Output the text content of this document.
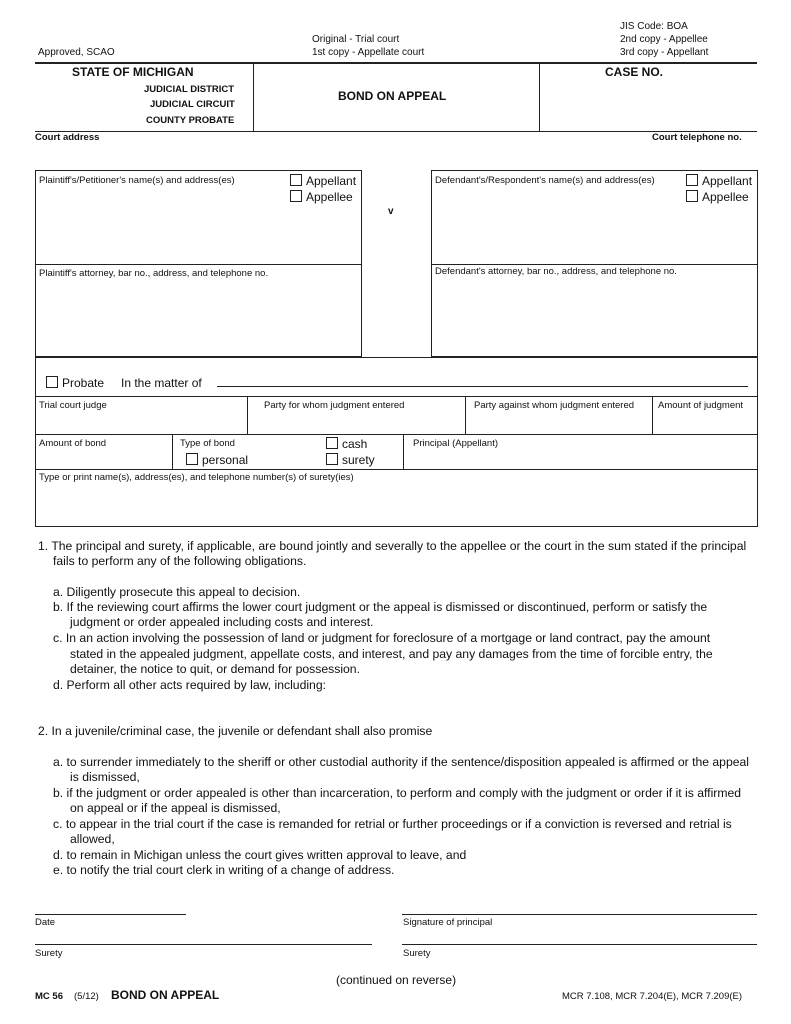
Approved, SCAO
Original - Trial court
1st copy - Appellate court
JIS Code: BOA
2nd copy - Appellee
3rd copy - Appellant
STATE OF MICHIGAN
JUDICIAL DISTRICT
JUDICIAL CIRCUIT
COUNTY PROBATE
BOND ON APPEAL
CASE NO.
Court address	Court telephone no.
Plaintiff's/Petitioner's name(s) and address(es)	Appellant
Appellee
v
Defendant's/Respondent's name(s) and address(es)	Appellant
Appellee
Plaintiff's attorney, bar no., address, and telephone no.	Defendant's attorney, bar no., address, and telephone no.
Probate In the matter of
Trial court judge	Party for whom judgment entered	Party against whom judgment entered	Amount of judgment
Amount of bond	Type of bond
personal
cash
surety
Principal (Appellant)
Type or print name(s), address(es), and telephone number(s) of surety(ies)
1. The principal and surety, if applicable, are bound jointly and severally to the appellee or the court in the sum stated if the principal
fails to perform any of the following obligations.
a. Diligently prosecute this appeal to decision.
b. If the reviewing court affirms the lower court judgment or the appeal is dismissed or discontinued, perform or satisfy the
judgment or order appealed including costs and interest.
c. In an action involving the possession of land or judgment for foreclosure of a mortgage or land contract, pay the amount
stated in the appealed judgment, appellate costs, and interest, and pay any damages from the time of forcible entry, the
detainer, the notice to quit, or demand for possession.
d. Perform all other acts required by law, including:
2. In a juvenile/criminal case, the juvenile or defendant shall also promise
a. to surrender immediately to the sheriff or other custodial authority if the sentence/disposition appealed is affirmed or the appeal
is dismissed,
b. if the judgment or order appealed is other than incarceration, to perform and comply with the judgment or order if it is affirmed
on appeal or if the appeal is dismissed,
c. to appear in the trial court if the case is remanded for retrial or further proceedings or if a conviction is reversed and retrial is
allowed,
d. to remain in Michigan unless the court gives written approval to leave, and
e. to notify the trial court clerk in writing of a change of address.
Date	Signature of principal
Surety	Surety
(continued on reverse)
MC 56 (5/12) BOND ON APPEAL	MCR 7.108, MCR 7.204(E), MCR 7.209(E)
